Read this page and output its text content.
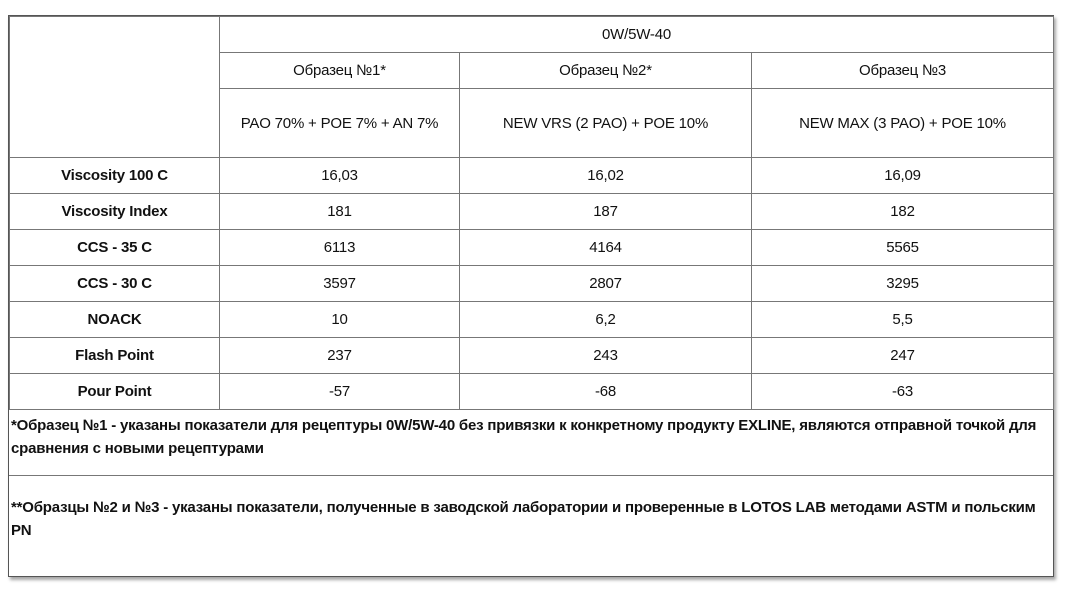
	0W/5W-40		
	Образец №1*	Образец №2*	Образец №3
	PAO 70% + POE 7% + AN 7%	NEW VRS (2 PAO) + POE 10%	NEW MAX (3 PAO) + POE 10%
Viscosity 100 C	16,03	16,02	16,09
Viscosity Index	181	187	182
CCS - 35 C	6113	4164	5565
CCS - 30 C	3597	2807	3295
NOACK	10	6,2	5,5
Flash Point	237	243	247
Pour Point	-57	-68	-63
*Образец №1 - указаны показатели для рецептуры 0W/5W-40 без привязки к конкретному продукту EXLINE, являются отправной точкой для сравнения с новыми рецептурами
**Образцы №2 и №3 - указаны показатели, полученные в заводской лаборатории и проверенные в LOTOS LAB методами ASTM и польским PN
